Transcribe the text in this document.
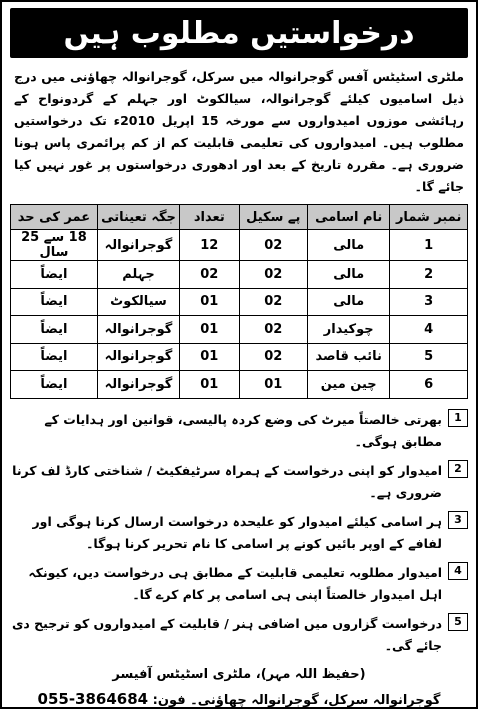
درخواستیں مطلوب ہیں
ملٹری اسٹیٹس آفس گوجرانوالہ میں سرکل، گوجرانوالہ چھاؤنی میں درج ذیل اسامیوں کیلئے گوجرانوالہ، سیالکوٹ اور جہلم کے گردونواح کے رہائشی موزوں امیدواروں سے مورخہ 15 اپریل 2010ء تک درخواستیں مطلوب ہیں۔ امیدواروں کی تعلیمی قابلیت کم از کم پرائمری پاس ہونا ضروری ہے۔ مقررہ تاریخ کے بعد اور ادھوری درخواستوں پر غور نہیں کیا جائے گا۔
نمبر شمار	نام اسامی	پے سکیل	تعداد	جگہ تعیناتی	عمر کی حد
1	مالی	02	12	گوجرانوالہ	18 سے 25 سال
2	مالی	02	02	جہلم	ایضاً
3	مالی	02	01	سیالکوٹ	ایضاً
4	چوکیدار	02	01	گوجرانوالہ	ایضاً
5	نائب قاصد	02	01	گوجرانوالہ	ایضاً
6	چین مین	01	01	گوجرانوالہ	ایضاً
1
بھرتی خالصتاً میرٹ کی وضع کردہ پالیسی، قوانین اور ہدایات کے مطابق ہوگی۔
2
امیدوار کو اپنی درخواست کے ہمراہ سرٹیفکیٹ / شناختی کارڈ لف کرنا ضروری ہے۔
3
ہر اسامی کیلئے امیدوار کو علیحدہ درخواست ارسال کرنا ہوگی اور لفافے کے اوپر بائیں کونے پر اسامی کا نام تحریر کرنا ہوگا۔
4
امیدوار مطلوبہ تعلیمی قابلیت کے مطابق ہی درخواست دیں، کیونکہ اہل امیدوار خالصتاً اپنی ہی اسامی پر کام کرے گا۔
5
درخواست گزاروں میں اضافی ہنر / قابلیت کے امیدواروں کو ترجیح دی جائے گی۔
(حفیظ اللہ مہر)، ملٹری اسٹیٹس آفیسر
گوجرانوالہ سرکل، گوجرانوالہ چھاؤنی۔ فون: 055-3864684
